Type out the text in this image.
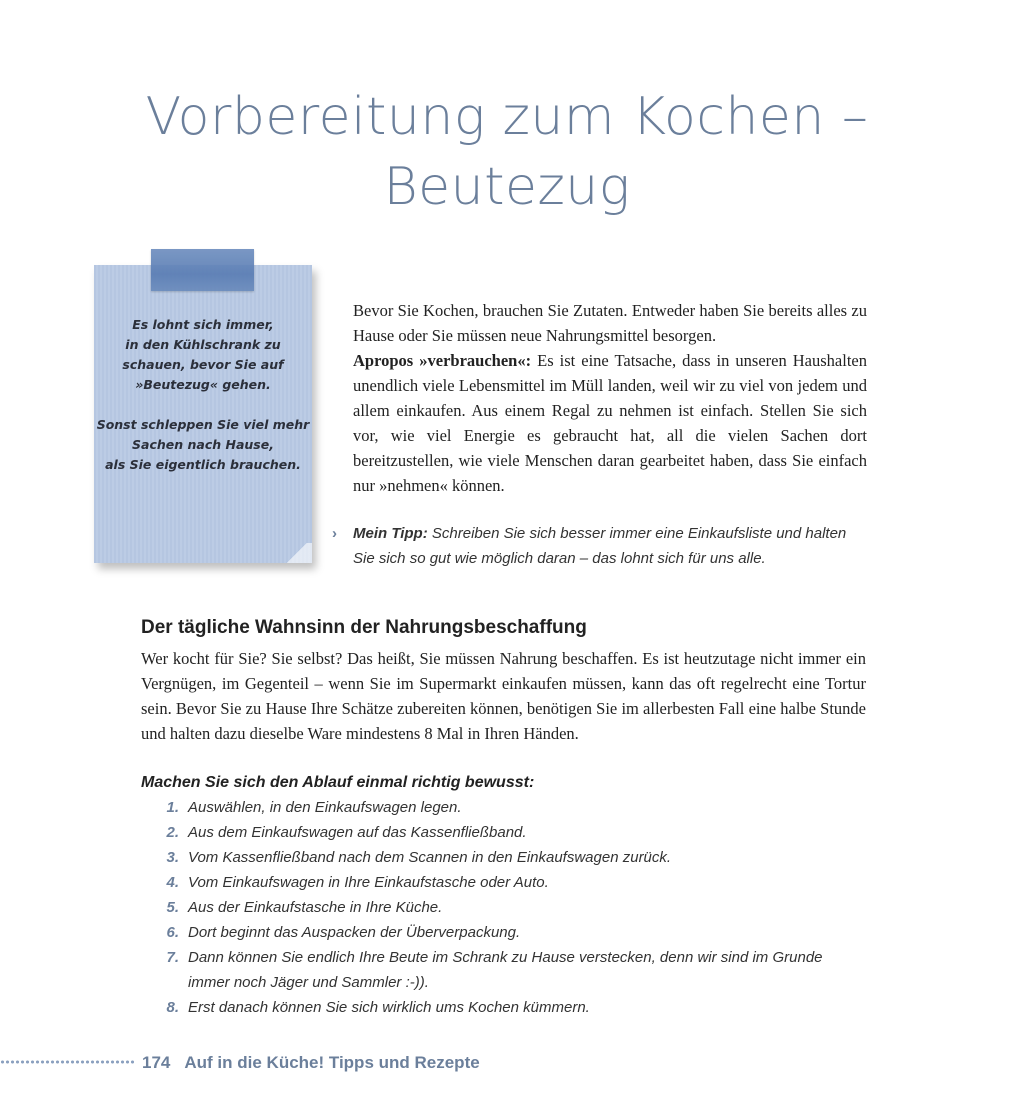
Vorbereitung zum Kochen –
Beutezug
Es lohnt sich immer,
in den Kühlschrank zu
schauen, bevor Sie auf
»Beutezug« gehen.
Sonst schleppen Sie viel mehr
Sachen nach Hause,
als Sie eigentlich brauchen.
Bevor Sie Kochen, brauchen Sie Zutaten. Entweder haben Sie bereits alles zu Hause oder Sie müssen neue Nahrungsmittel besorgen.
Apropos »verbrauchen«: Es ist eine Tatsache, dass in unseren Haushalten unendlich viele Lebensmittel im Müll landen, weil wir zu viel von jedem und allem einkaufen. Aus einem Regal zu nehmen ist einfach. Stellen Sie sich vor, wie viel Energie es gebraucht hat, all die vielen Sachen dort bereitzustellen, wie viele Menschen daran gearbeitet haben, dass Sie einfach nur »nehmen« können.
› Mein Tipp: Schreiben Sie sich besser immer eine Einkaufsliste und halten Sie sich so gut wie möglich daran – das lohnt sich für uns alle.
Der tägliche Wahnsinn der Nahrungsbeschaffung

Wer kocht für Sie? Sie selbst? Das heißt, Sie müssen Nahrung beschaffen. Es ist heutzutage nicht immer ein Vergnügen, im Gegenteil – wenn Sie im Supermarkt einkaufen müssen, kann das oft regelrecht eine Tortur sein. Bevor Sie zu Hause Ihre Schätze zubereiten können, benötigen Sie im allerbesten Fall eine halbe Stunde und halten dazu dieselbe Ware mindestens 8 Mal in Ihren Händen.

Machen Sie sich den Ablauf einmal richtig bewusst:
1. Auswählen, in den Einkaufswagen legen.
2. Aus dem Einkaufswagen auf das Kassenfließband.
3. Vom Kassenfließband nach dem Scannen in den Einkaufswagen zurück.
4. Vom Einkaufswagen in Ihre Einkaufstasche oder Auto.
5. Aus der Einkaufstasche in Ihre Küche.
6. Dort beginnt das Auspacken der Überverpackung.
7. Dann können Sie endlich Ihre Beute im Schrank zu Hause verstecken, denn wir sind im Grunde immer noch Jäger und Sammler :-)).
8. Erst danach können Sie sich wirklich ums Kochen kümmern.
174 Auf in die Küche! Tipps und Rezepte
